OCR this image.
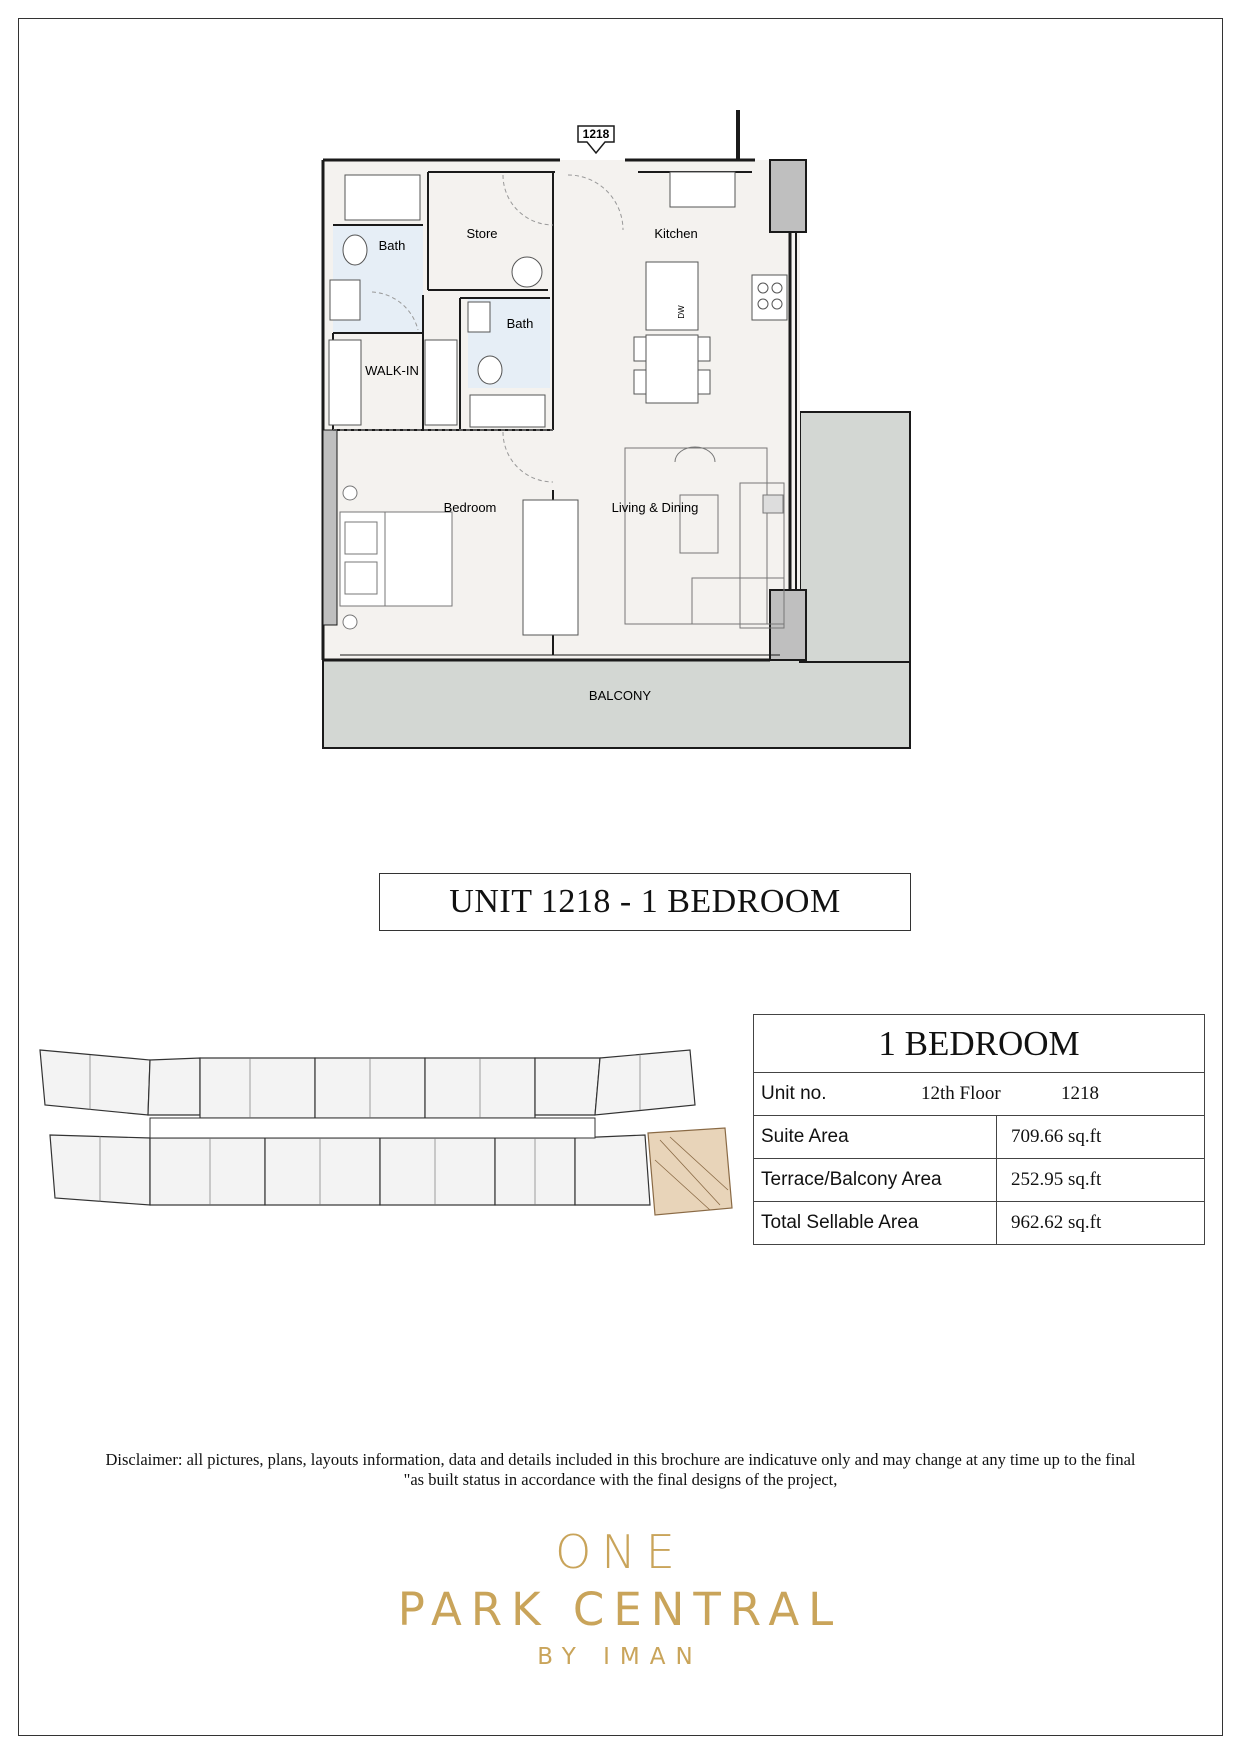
1218
Bath
Store	Kitchen
Bath
WALK-IN
Bedroom	Living & Dining
BALCONY
DW
UNIT 1218 - 1 BEDROOM
1 BEDROOM	

Unit no. 12th Floor 1218	

Suite Area	709.66 sq.ft
Terrace/Balcony Area	252.95 sq.ft
Total Sellable Area	962.62 sq.ft
Disclaimer: all pictures, plans, layouts information, data and details included in this brochure are indicatuve only and may change at any time up to the final
"as built status in accordance with the final designs of the project,
ONE
PARK CENTRAL
BY IMAN
